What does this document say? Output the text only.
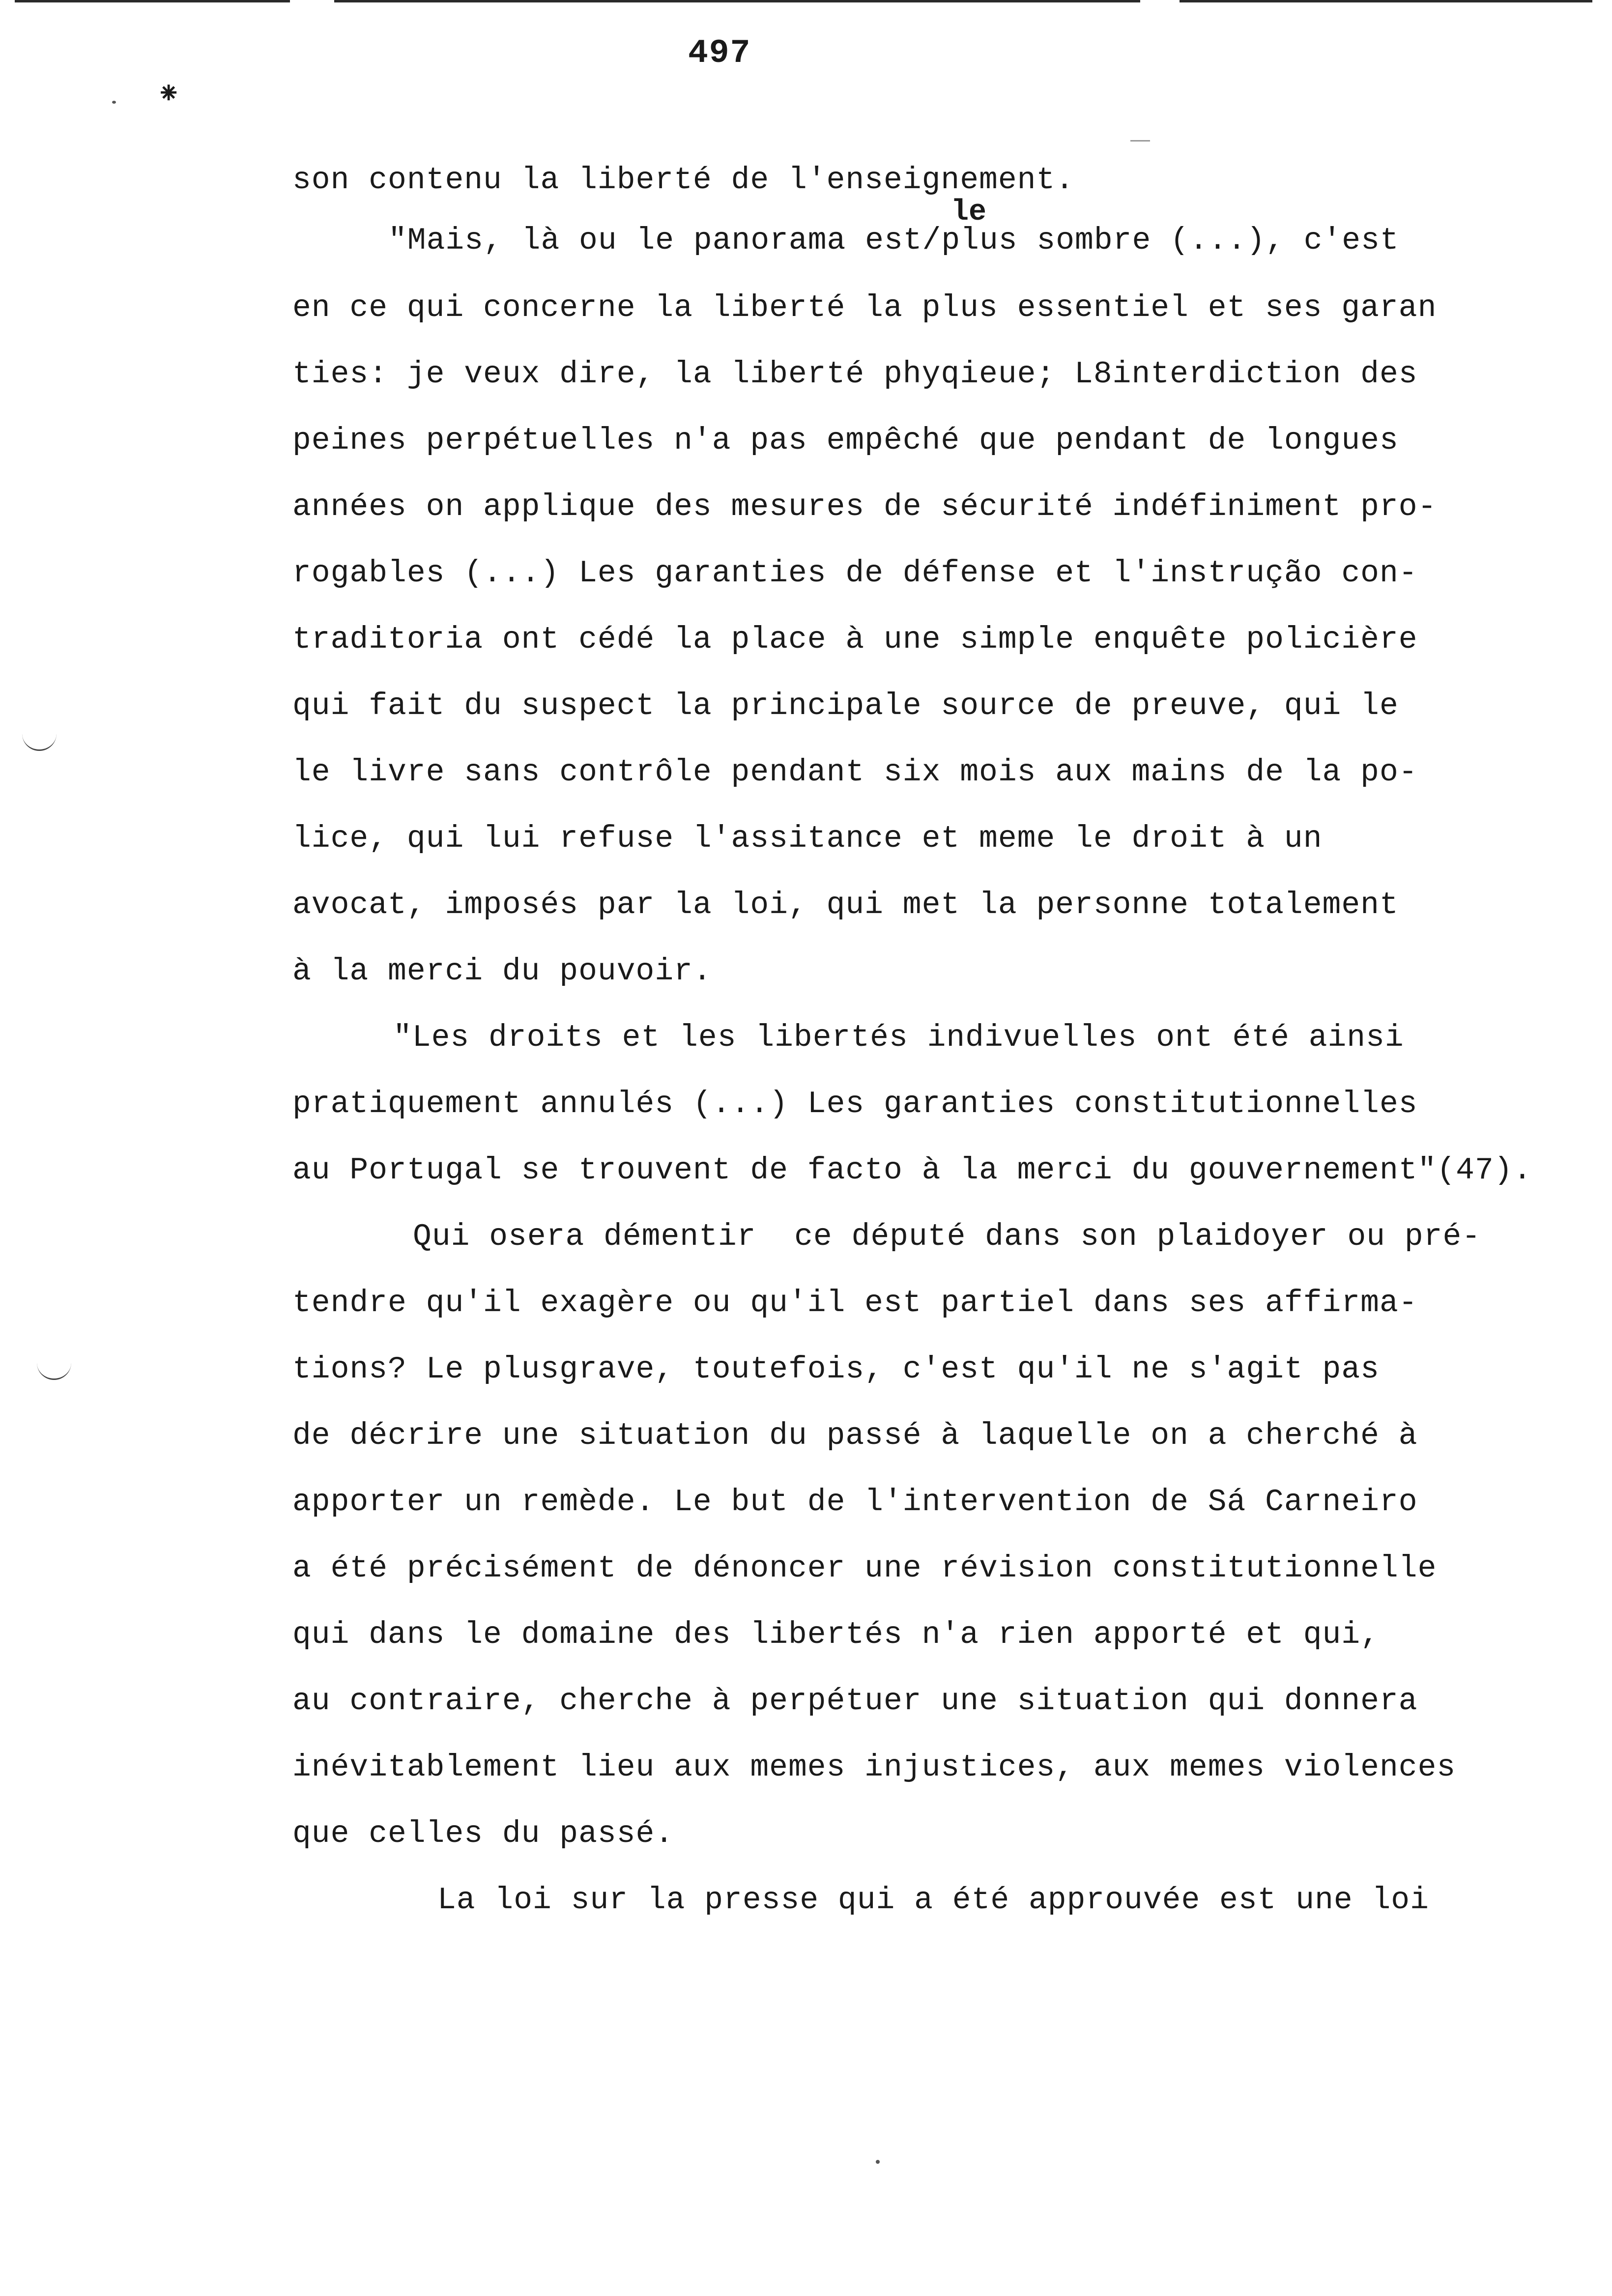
497
⁕
le
son contenu la liberté de l'enseignement.
"Mais, là ou le panorama est/plus sombre (...), c'est
en ce qui concerne la liberté la plus essentiel et ses garan
ties: je veux dire, la liberté phyqieue; L8interdiction des
peines perpétuelles n'a pas empêché que pendant de longues
années on applique des mesures de sécurité indéfiniment pro-
rogables (...) Les garanties de défense et l'instrução con-
traditoria ont cédé la place à une simple enquête policière
qui fait du suspect la principale source de preuve, qui le
le livre sans contrôle pendant six mois aux mains de la po-
lice, qui lui refuse l'assitance et meme le droit à un
avocat, imposés par la loi, qui met la personne totalement
à la merci du pouvoir.
"Les droits et les libertés indivuelles ont été ainsi
pratiquement annulés (...) Les garanties constitutionnelles
au Portugal se trouvent de facto à la merci du gouvernement"(47).
Qui osera démentir  ce député dans son plaidoyer ou pré-
tendre qu'il exagère ou qu'il est partiel dans ses affirma-
tions? Le plusgrave, toutefois, c'est qu'il ne s'agit pas
de décrire une situation du passé à laquelle on a cherché à
apporter un remède. Le but de l'intervention de Sá Carneiro
a été précisément de dénoncer une révision constitutionnelle
qui dans le domaine des libertés n'a rien apporté et qui,
au contraire, cherche à perpétuer une situation qui donnera
inévitablement lieu aux memes injustices, aux memes violences
que celles du passé.
La loi sur la presse qui a été approuvée est une loi
